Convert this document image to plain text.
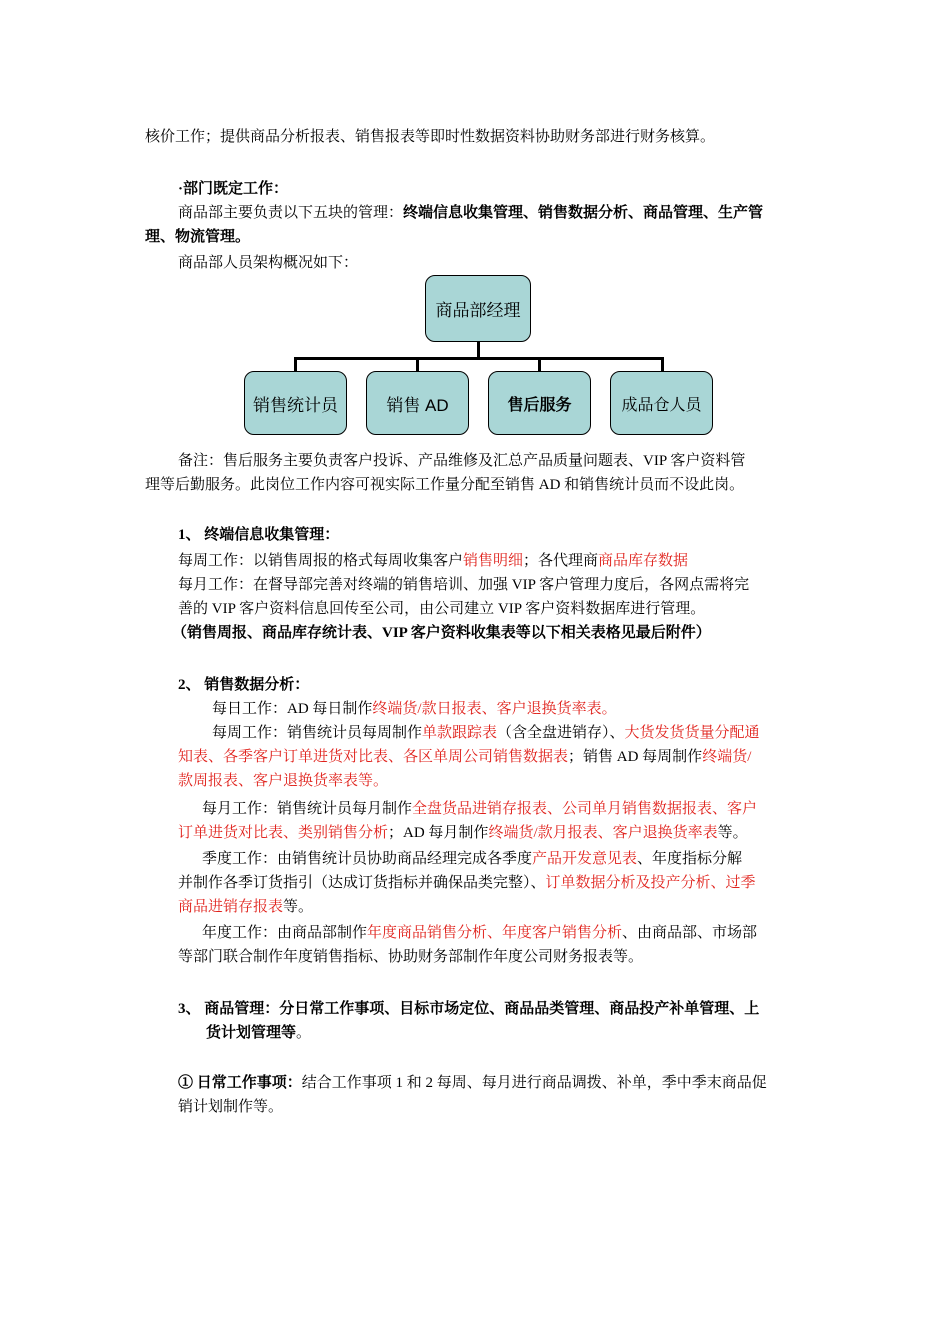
核价工作；提供商品分析报表、销售报表等即时性数据资料协助财务部进行财务核算。

·部门既定工作：

商品部主要负责以下五块的管理：终端信息收集管理、销售数据分析、商品管理、生产管

理、物流管理。

商品部人员架构概况如下：

商品部经理
销售统计员	销售 AD	售后服务	成品仓人员

备注：售后服务主要负责客户投诉、产品维修及汇总产品质量问题表、VIP 客户资料管

理等后勤服务。此岗位工作内容可视实际工作量分配至销售 AD 和销售统计员而不设此岗。

1、 终端信息收集管理：

每周工作：以销售周报的格式每周收集客户销售明细；各代理商商品库存数据

每月工作：在督导部完善对终端的销售培训、加强 VIP 客户管理力度后，各网点需将完

善的 VIP 客户资料信息回传至公司，由公司建立 VIP 客户资料数据库进行管理。

（销售周报、商品库存统计表、VIP 客户资料收集表等以下相关表格见最后附件）

2、 销售数据分析：

每日工作：AD 每日制作终端货/款日报表、客户退换货率表。

每周工作：销售统计员每周制作单款跟踪表（含全盘进销存）、大货发货货量分配通

知表、各季客户订单进货对比表、各区单周公司销售数据表；销售 AD 每周制作终端货/

款周报表、客户退换货率表等。

每月工作：销售统计员每月制作全盘货品进销存报表、公司单月销售数据报表、客户

订单进货对比表、类别销售分析；AD 每月制作终端货/款月报表、客户退换货率表等。

季度工作：由销售统计员协助商品经理完成各季度产品开发意见表、年度指标分解

并制作各季订货指引（达成订货指标并确保品类完整）、订单数据分析及投产分析、过季

商品进销存报表等。

年度工作：由商品部制作年度商品销售分析、年度客户销售分析、由商品部、市场部

等部门联合制作年度销售指标、协助财务部制作年度公司财务报表等。

3、 商品管理：分日常工作事项、目标市场定位、商品品类管理、商品投产补单管理、上

货计划管理等。

① 日常工作事项：结合工作事项 1 和 2 每周、每月进行商品调拨、补单，季中季末商品促

销计划制作等。
